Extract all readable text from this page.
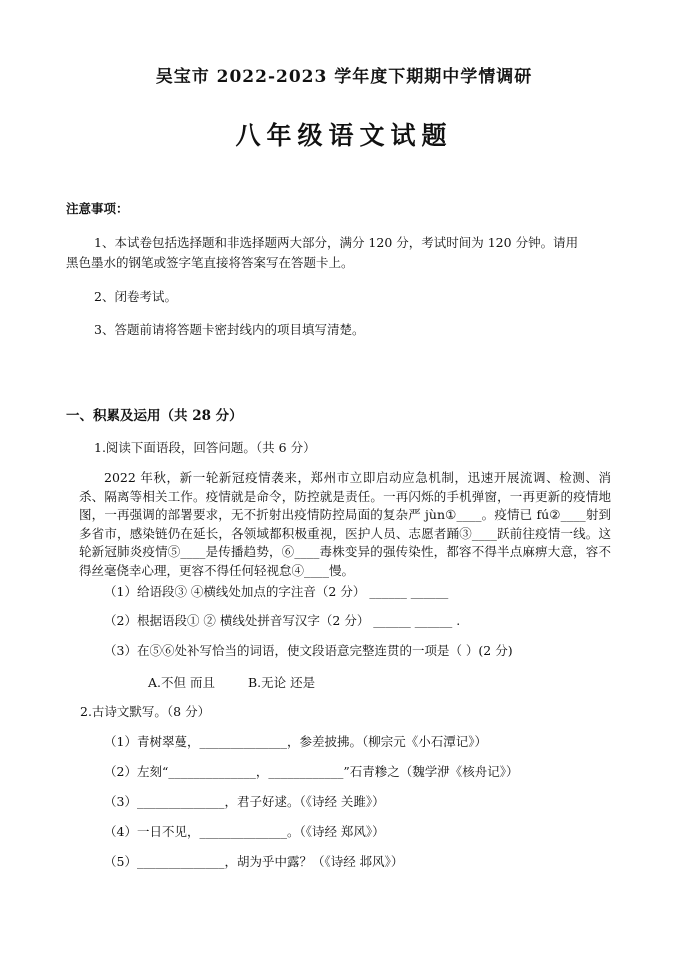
吴宝市 2022-2023 学年度下期期中学情调研
八年级语文试题
注意事项：
1、本试卷包括选择题和非选择题两大部分，满分 120 分，考试时间为 120 分钟。请用
黑色墨水的钢笔或签字笔直接将答案写在答题卡上。
2、闭卷考试。
3、答题前请将答题卡密封线内的项目填写清楚。
一、积累及运用（共 28 分）
1.阅读下面语段，回答问题。（共 6 分）
2022 年秋，新一轮新冠疫情袭来，郑州市立即启动应急机制，迅速开展流调、检测、消杀、隔离等相关工作。疫情就是命令，防控就是责任。一再闪烁的手机弹窗，一再更新的疫情地图，一再强调的部署要求，无不折射出疫情防控局面的复杂严 jùn①____。疫情已 fú②____射到多省市，感染链仍在延长，各领域都积极重视，医护人员、志愿者踊③____跃前往疫情一线。这轮新冠肺炎疫情⑤____是传播趋势，⑥____毒株变异的强传染性，都容不得半点麻痹大意，容不得丝毫侥幸心理，更容不得任何轻视怠④____慢。
（1）给语段③ ④横线处加点的字注音（2 分） ______ ______
（2）根据语段① ② 横线处拼音写汉字（2 分） ______ ______ .
（3）在⑤⑥处补写恰当的词语，使文段语意完整连贯的一项是（ ）(2 分)
A.不但 而且	B.无论 还是
2.古诗文默写。（8 分）
（1）青树翠蔓，______________，参差披拂。（柳宗元《小石潭记》）
（2）左刻“______________，____________”石青糁之（魏学洢《核舟记》）
（3）______________，君子好逑。（《诗经 关雎》）
（4）一日不见，______________。（《诗经 郑风》）
（5）______________，胡为乎中露？（《诗经 邶风》）
